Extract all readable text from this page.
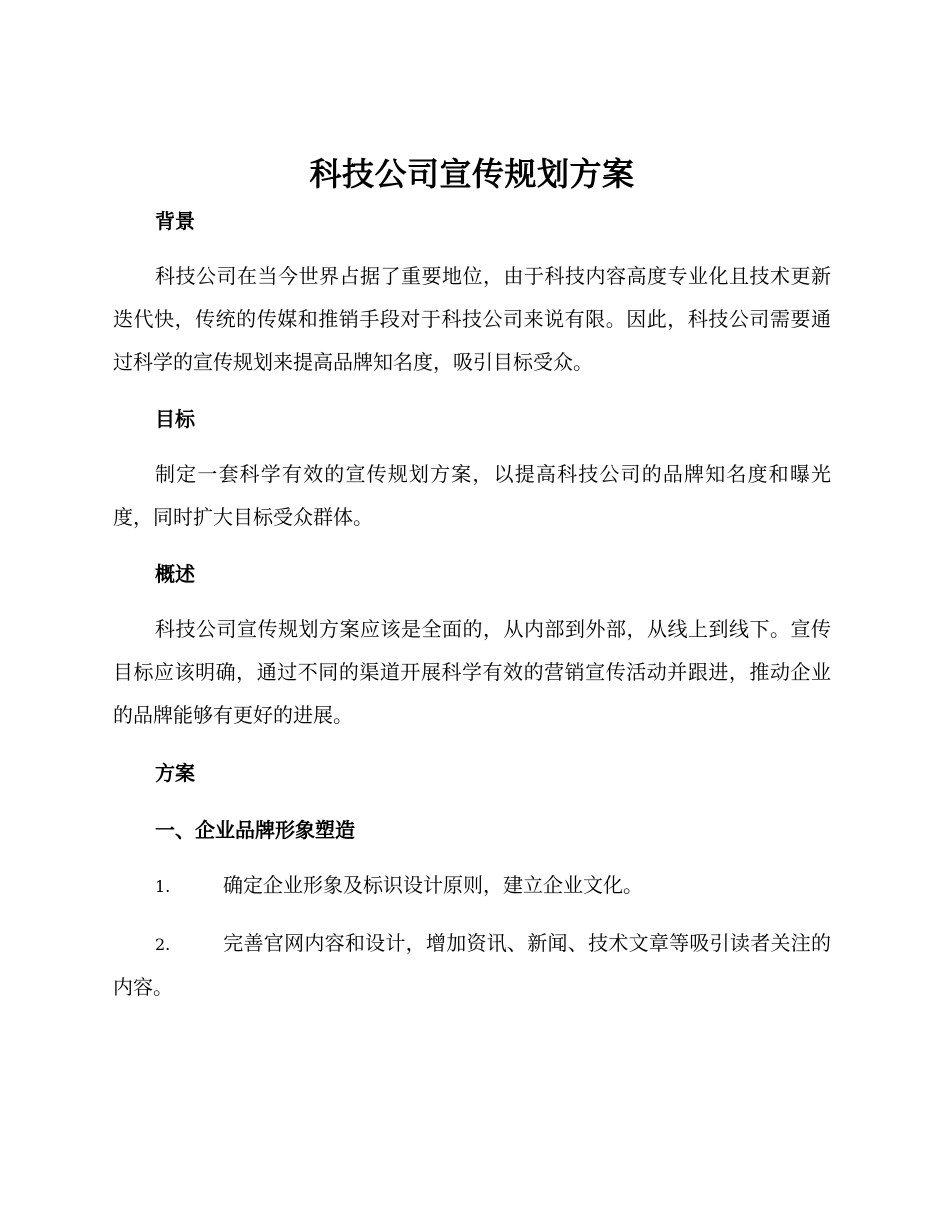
科技公司宣传规划方案
背景

科技公司在当今世界占据了重要地位，由于科技内容高度专业化且技术更新迭代快，传统的传媒和推销手段对于科技公司来说有限。因此，科技公司需要通过科学的宣传规划来提高品牌知名度，吸引目标受众。

目标

制定一套科学有效的宣传规划方案，以提高科技公司的品牌知名度和曝光度，同时扩大目标受众群体。

概述

科技公司宣传规划方案应该是全面的，从内部到外部，从线上到线下。宣传目标应该明确，通过不同的渠道开展科学有效的营销宣传活动并跟进，推动企业的品牌能够有更好的进展。

方案
一、企业品牌形象塑造

1.	确定企业形象及标识设计原则，建立企业文化。

2.	完善官网内容和设计，增加资讯、新闻、技术文章等吸引读者关注的内容。
